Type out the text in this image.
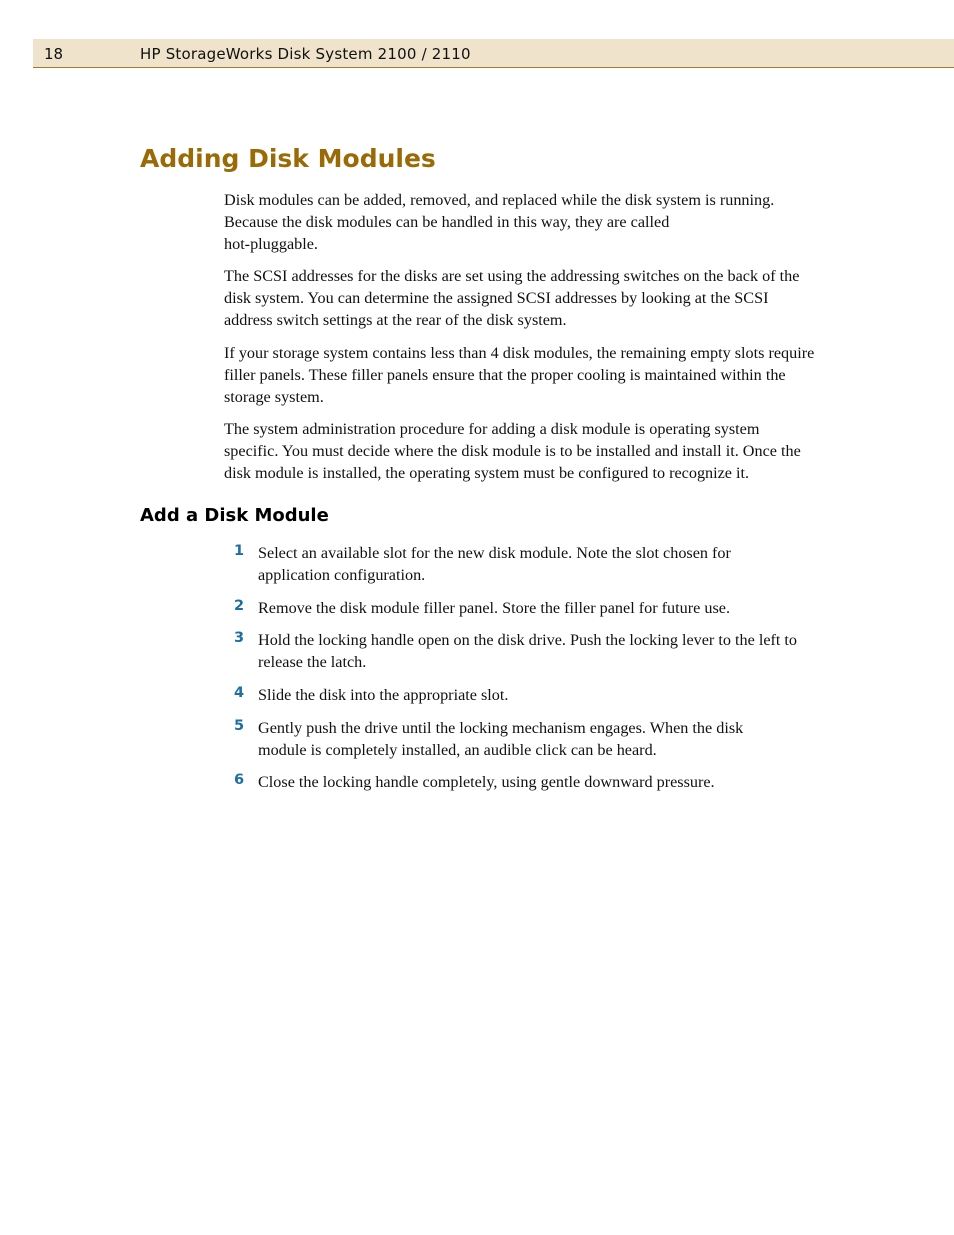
18	HP StorageWorks Disk System 2100 / 2110
Adding Disk Modules

Disk modules can be added, removed, and replaced while the disk system is running. Because the disk modules can be handled in this way, they are called

hot-pluggable.

The SCSI addresses for the disks are set using the addressing switches on the back of the disk system. You can determine the assigned SCSI addresses by looking at the SCSI address switch settings at the rear of the disk system.

If your storage system contains less than 4 disk modules, the remaining empty slots require filler panels. These filler panels ensure that the proper cooling is maintained within the storage system.

The system administration procedure for adding a disk module is operating system specific. You must decide where the disk module is to be installed and install it. Once the disk module is installed, the operating system must be configured to recognize it.

Add a Disk Module
1 Select an available slot for the new disk module. Note the slot chosen for application configuration.

2 Remove the disk module filler panel. Store the filler panel for future use.

3 Hold the locking handle open on the disk drive. Push the locking lever to the left to release the latch.

4 Slide the disk into the appropriate slot.

5 Gently push the drive until the locking mechanism engages. When the disk module is completely installed, an audible click can be heard.

6 Close the locking handle completely, using gentle downward pressure.
